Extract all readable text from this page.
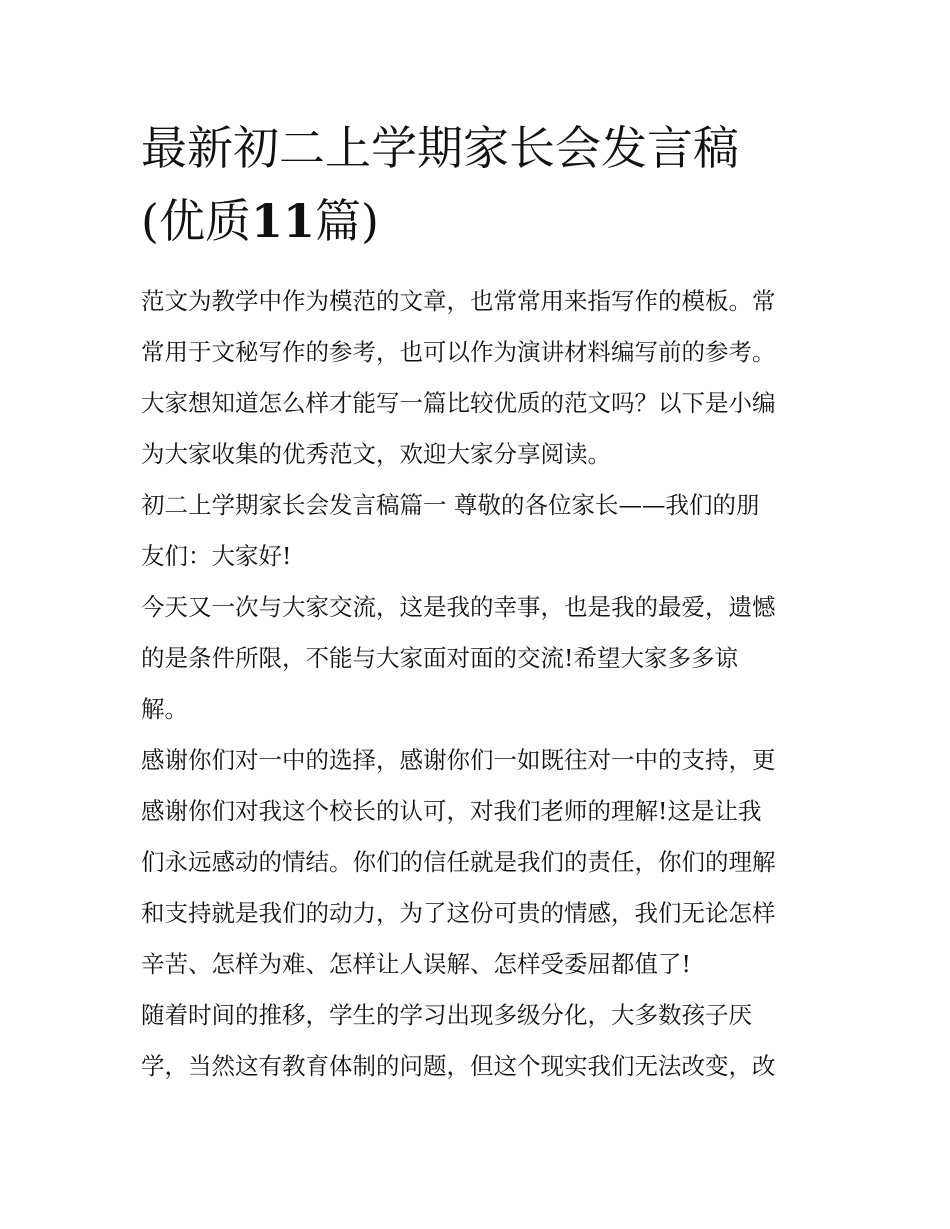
最新初二上学期家长会发言稿
(优质11篇)
范文为教学中作为模范的文章，也常常用来指写作的模板。常
常用于文秘写作的参考，也可以作为演讲材料编写前的参考。
大家想知道怎么样才能写一篇比较优质的范文吗？以下是小编
为大家收集的优秀范文，欢迎大家分享阅读。
初二上学期家长会发言稿篇一 尊敬的各位家长——我们的朋
友们：大家好!
今天又一次与大家交流，这是我的幸事，也是我的最爱，遗憾
的是条件所限，不能与大家面对面的交流!希望大家多多谅
解。
感谢你们对一中的选择，感谢你们一如既往对一中的支持，更
感谢你们对我这个校长的认可，对我们老师的理解!这是让我
们永远感动的情结。你们的信任就是我们的责任，你们的理解
和支持就是我们的动力，为了这份可贵的情感，我们无论怎样
辛苦、怎样为难、怎样让人误解、怎样受委屈都值了!
随着时间的推移，学生的学习出现多级分化，大多数孩子厌
学，当然这有教育体制的问题，但这个现实我们无法改变，改
